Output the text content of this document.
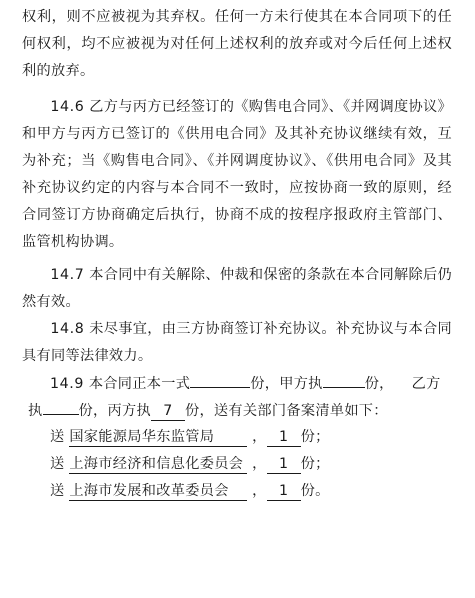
权利，则不应被视为其弃权。任何一方未行使其在本合同项下的任何权利，均不应被视为对任何上述权利的放弃或对今后任何上述权利的放弃。

14.6 乙方与丙方已经签订的《购售电合同》、《并网调度协议》和甲方与丙方已签订的《供用电合同》及其补充协议继续有效，互为补充；当《购售电合同》、《并网调度协议》、《供用电合同》及其补充协议约定的内容与本合同不一致时，应按协商一致的原则，经合同签订方协商确定后执行，协商不成的按程序报政府主管部门、监管机构协调。

14.7 本合同中有关解除、仲裁和保密的条款在本合同解除后仍然有效。

14.8 未尽事宜，由三方协商签订补充协议。补充协议与本合同具有同等法律效力。

14.9 本合同正本一式	份，甲方执	份， 乙方

执	份，丙方执 7 份，送有关部门备案清单如下：

送 国家能源局华东监管局 ， 1 份；

送 上海市经济和信息化委员会 ， 1 份；

送 上海市发展和改革委员会 ， 1 份。
